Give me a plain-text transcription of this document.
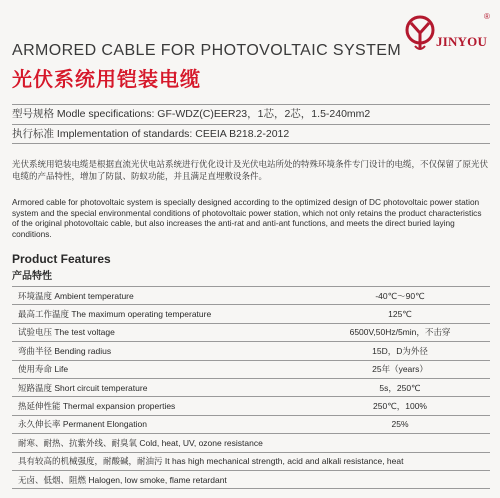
®
JINYOU
ARMORED CABLE FOR PHOTOVOLTAIC SYSTEM
光伏系统用铠装电缆
型号规格 Modle specifications: GF-WDZ(C)EER23，1芯，2芯，1.5-240mm2
执行标准 Implementation of standards: CEEIA B218.2-2012
光伏系统用铠装电缆是根据直流光伏电站系统进行优化设计及光伏电站所处的特殊环境条件专门设计的电缆，不仅保留了原光伏电缆的产品特性，增加了防鼠、防蚁功能，并且满足直埋敷设条件。
Armored cable for photovoltaic system is specially designed according to the optimized design of DC photovoltaic power station system and the special environmental conditions of photovoltaic power station, which not only retains the product characteristics of the original photovoltaic cable, but also increases the anti-rat and anti-ant functions, and meets the direct buried laying conditions.
Product Features
产品特性
环境温度 Ambient temperature	-40℃～90℃
最高工作温度 The maximum operating temperature	125℃
试验电压 The test voltage	6500V,50Hz/5min，不击穿
弯曲半径 Bending radius	15D，D为外径
使用寿命 Life	25年（years）
短路温度 Short circuit temperature	5s，250℃
热延伸性能 Thermal expansion properties	250℃，100%
永久伸长率 Permanent Elongation	25%
耐寒、耐热、抗紫外线、耐臭氧 Cold, heat, UV, ozone resistance	
具有较高的机械强度，耐酸碱，耐油污 It has high mechanical strength, acid and alkali resistance, heat	
无卤、低烟、阻燃 Halogen, low smoke, flame retardant	
